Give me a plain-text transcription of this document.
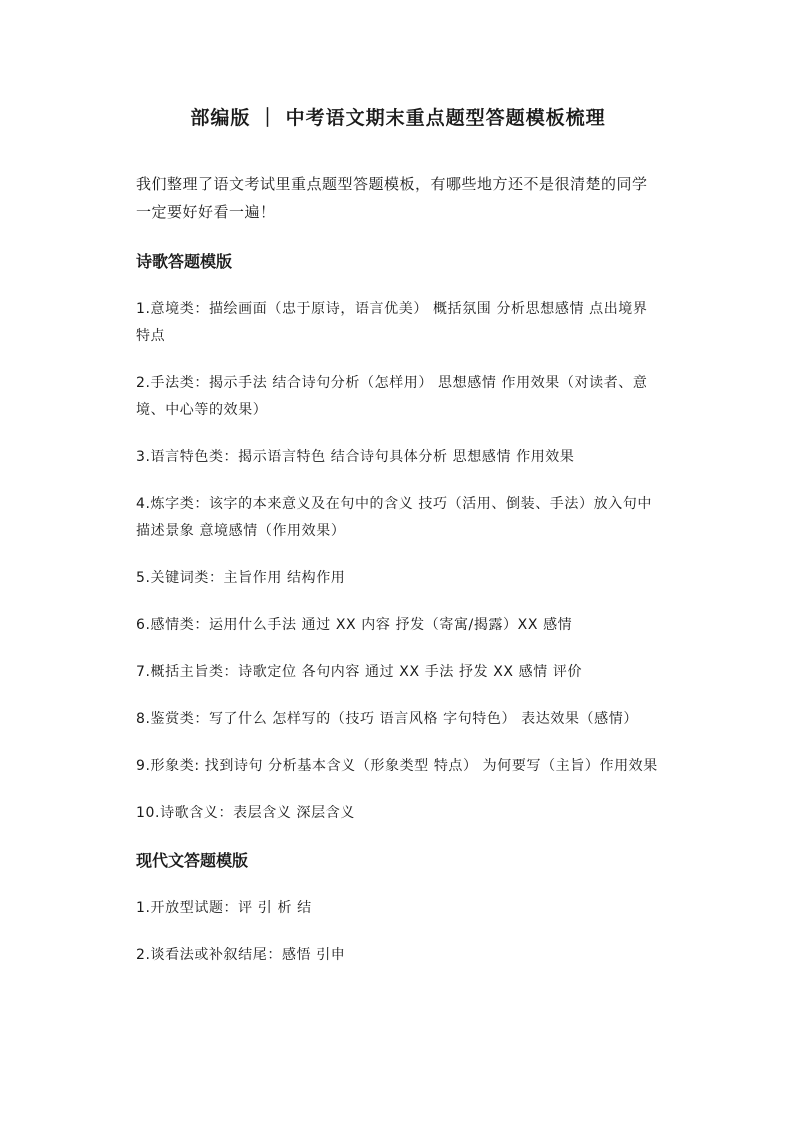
部编版 ｜ 中考语文期末重点题型答题模板梳理

我们整理了语文考试里重点题型答题模板，有哪些地方还不是很清楚的同学一定要好好看一遍！

诗歌答题模版

1.意境类：描绘画面（忠于原诗，语言优美） 概括氛围 分析思想感情 点出境界特点

2.手法类：揭示手法 结合诗句分析（怎样用） 思想感情 作用效果（对读者、意境、中心等的效果）

3.语言特色类：揭示语言特色 结合诗句具体分析 思想感情 作用效果

4.炼字类：该字的本来意义及在句中的含义 技巧（活用、倒装、手法）放入句中描述景象 意境感情（作用效果）

5.关键词类：主旨作用 结构作用

6.感情类：运用什么手法 通过 XX 内容 抒发（寄寓/揭露）XX 感情

7.概括主旨类：诗歌定位 各句内容 通过 XX 手法 抒发 XX 感情 评价

8.鉴赏类：写了什么 怎样写的（技巧 语言风格 字句特色） 表达效果（感情）

9.形象类: 找到诗句 分析基本含义（形象类型 特点） 为何要写（主旨）作用效果

10.诗歌含义：表层含义 深层含义

现代文答题模版

1.开放型试题：评 引 析 结

2.谈看法或补叙结尾：感悟 引申
